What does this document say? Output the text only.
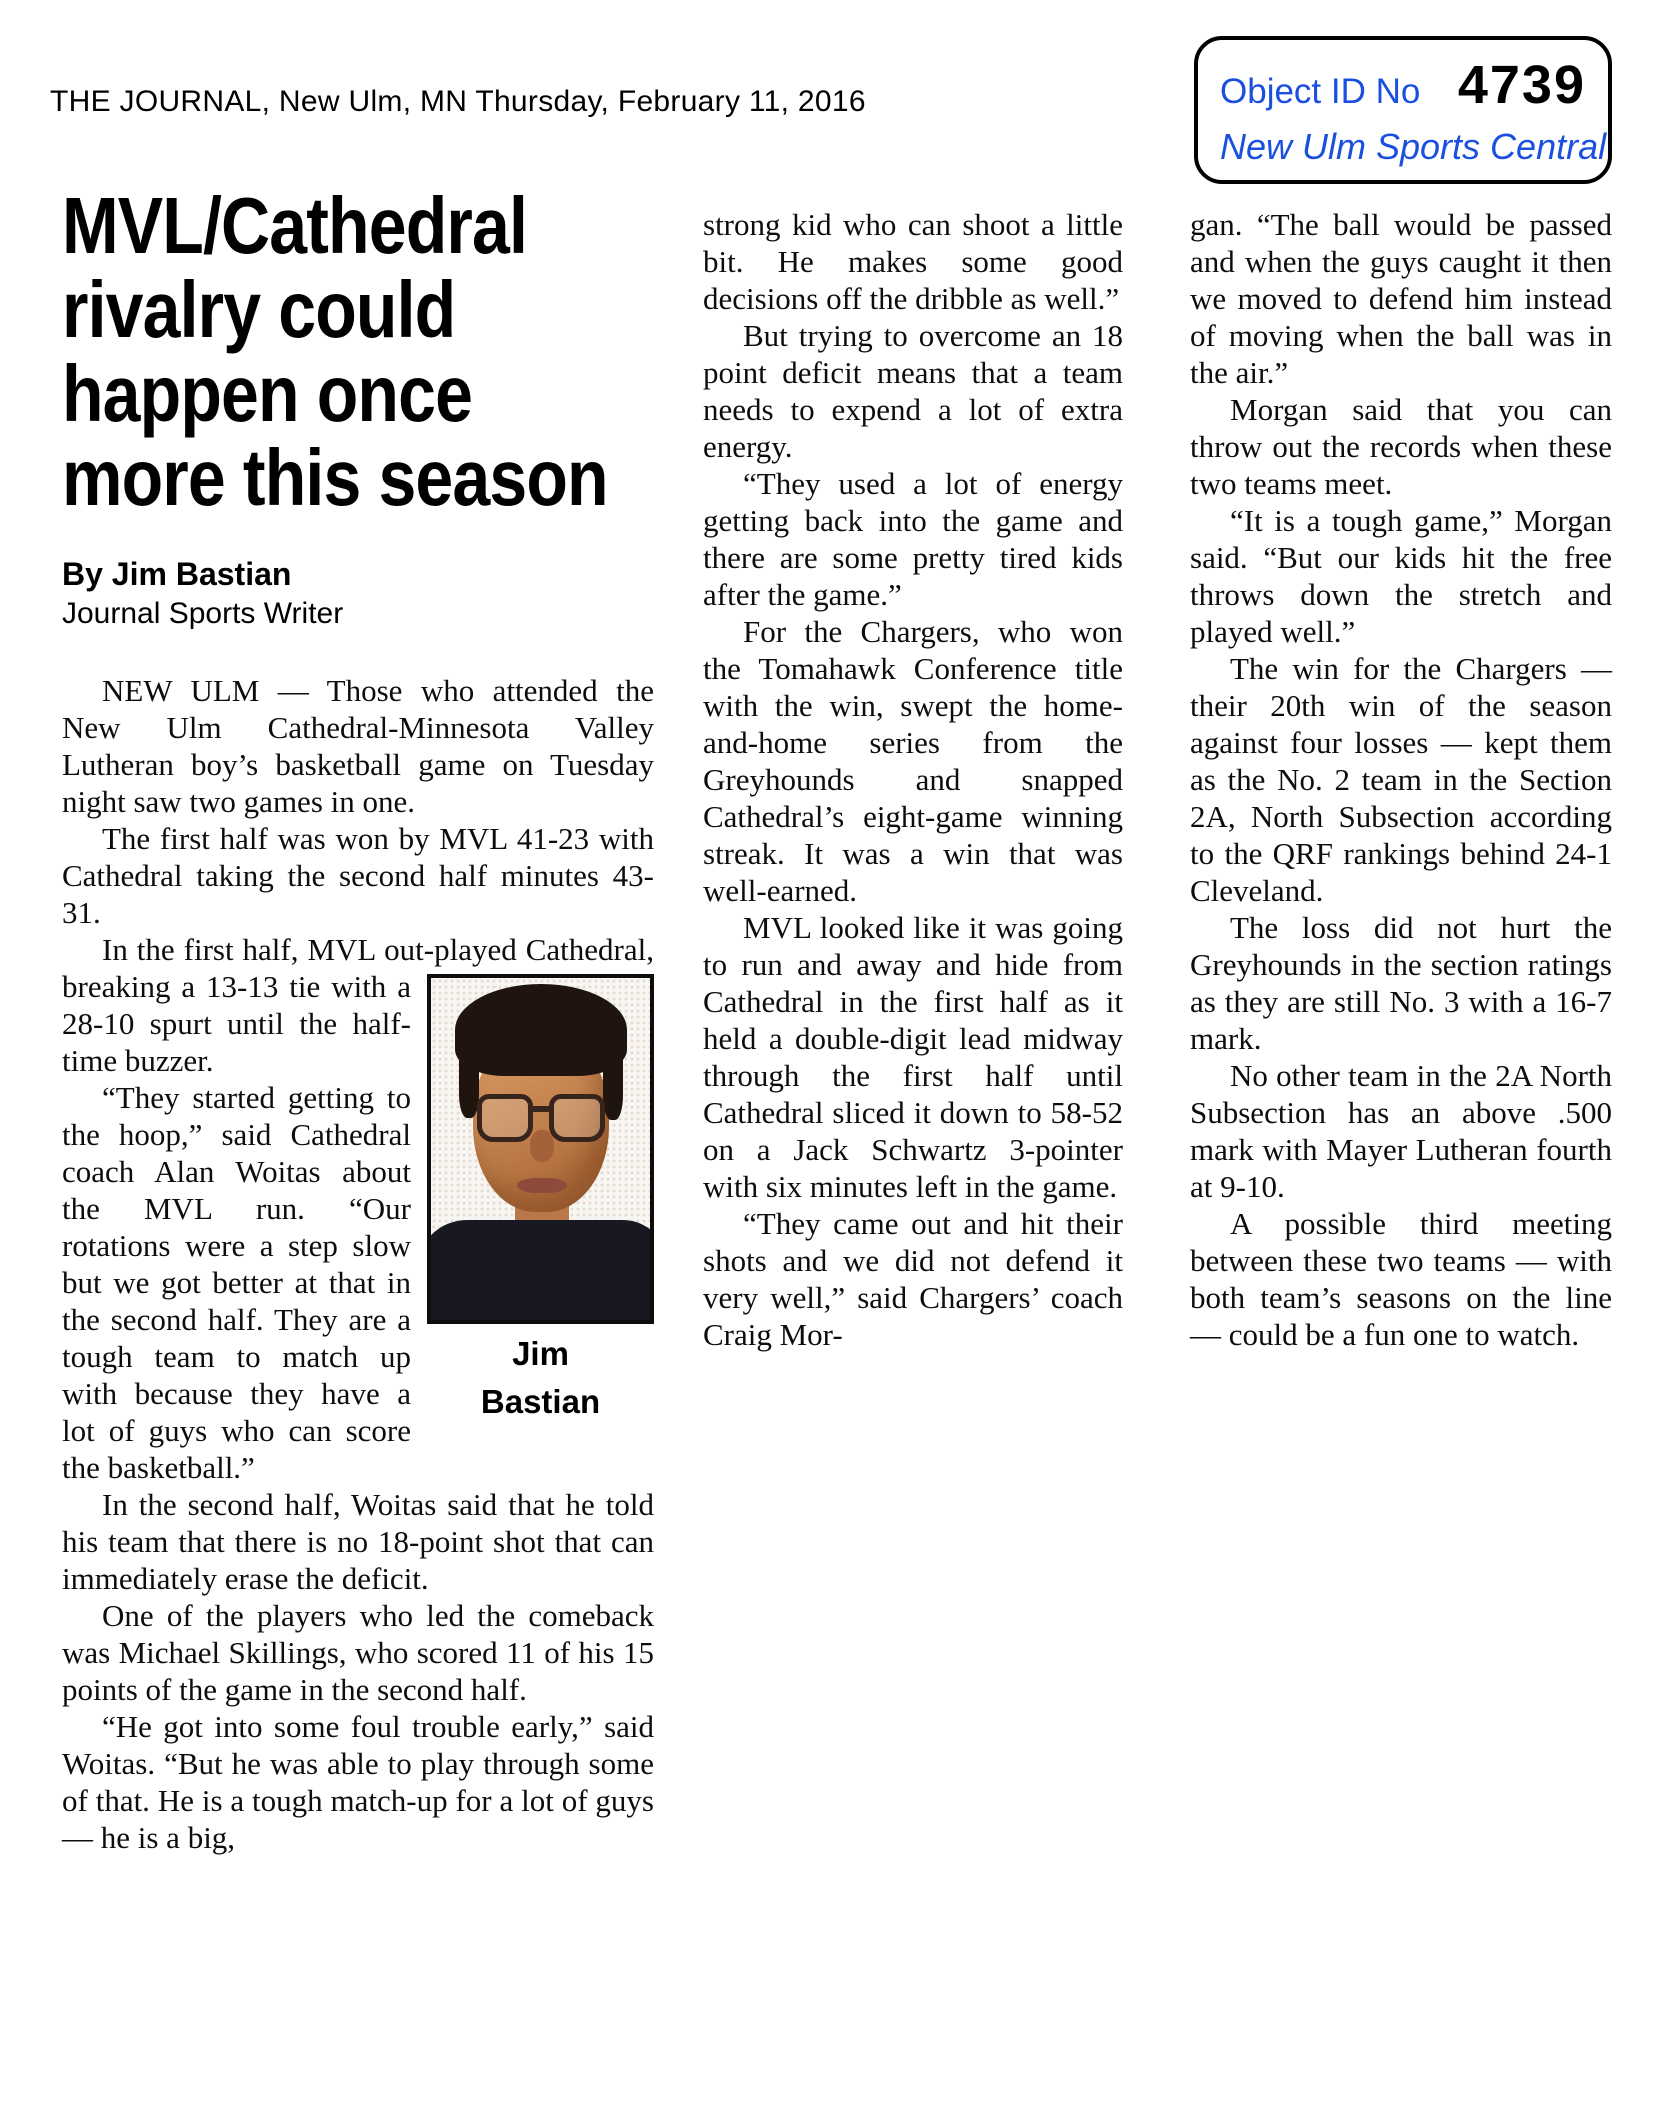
THE JOURNAL, New Ulm, MN Thursday, February 11, 2016	Object ID No 4739
New Ulm Sports Central
MVL/Cathedral
rivalry could
happen once
more this season
By Jim Bastian
Journal Sports Writer

NEW ULM — Those who attended the New Ulm Cathedral-Minnesota Valley Lutheran boy’s basketball game on Tuesday night saw two games in one.

The first half was won by MVL 41-23 with Cathedral taking the second half minutes 43-31.

In the first half, MVL out-played
Jim
Bastian
Cathedral, breaking a 13-13 tie with a 28-10 spurt until the half-time buzzer.

“They started getting to the hoop,” said Cathedral coach Alan Woitas about the MVL run. “Our rotations were a step slow but we got better at that in the second half. They are a tough team to match up with because they have a lot of guys who can score the basketball.”

In the second half, Woitas said that he told his team that there is no 18-point shot that can immediately erase the deficit.

One of the players who led the comeback was Michael Skillings, who scored 11 of his 15 points of the game in the second half.

“He got into some foul trouble early,” said Woitas. “But he was able to play through some of that. He is a tough match-up for a lot of guys — he is a big,

strong kid who can shoot a little bit. He makes some good decisions off the dribble as well.”

But trying to overcome an 18 point deficit means that a team needs to expend a lot of extra energy.

“They used a lot of energy getting back into the game and there are some pretty tired kids after the game.”

For the Chargers, who won the Tomahawk Conference title with the win, swept the home-and-home series from the Greyhounds and snapped Cathedral’s eight-game winning streak. It was a win that was well-earned.

MVL looked like it was going to run and away and hide from Cathedral in the first half as it held a double-digit lead midway through the first half until Cathedral sliced it down to 58-52 on a Jack Schwartz 3-pointer with six minutes left in the game.

“They came out and hit their shots and we did not defend it very well,” said Chargers’ coach Craig Mor-

gan. “The ball would be passed and when the guys caught it then we moved to defend him instead of moving when the ball was in the air.”

Morgan said that you can throw out the records when these two teams meet.

“It is a tough game,” Morgan said. “But our kids hit the free throws down the stretch and played well.”

The win for the Chargers — their 20th win of the season against four losses — kept them as the No. 2 team in the Section 2A, North Subsection according to the QRF rankings behind 24-1 Cleveland.

The loss did not hurt the Greyhounds in the section ratings as they are still No. 3 with a 16-7 mark.

No other team in the 2A North Subsection has an above .500 mark with Mayer Lutheran fourth at 9-10.

A possible third meeting between these two teams — with both team’s seasons on the line — could be a fun one to watch.
